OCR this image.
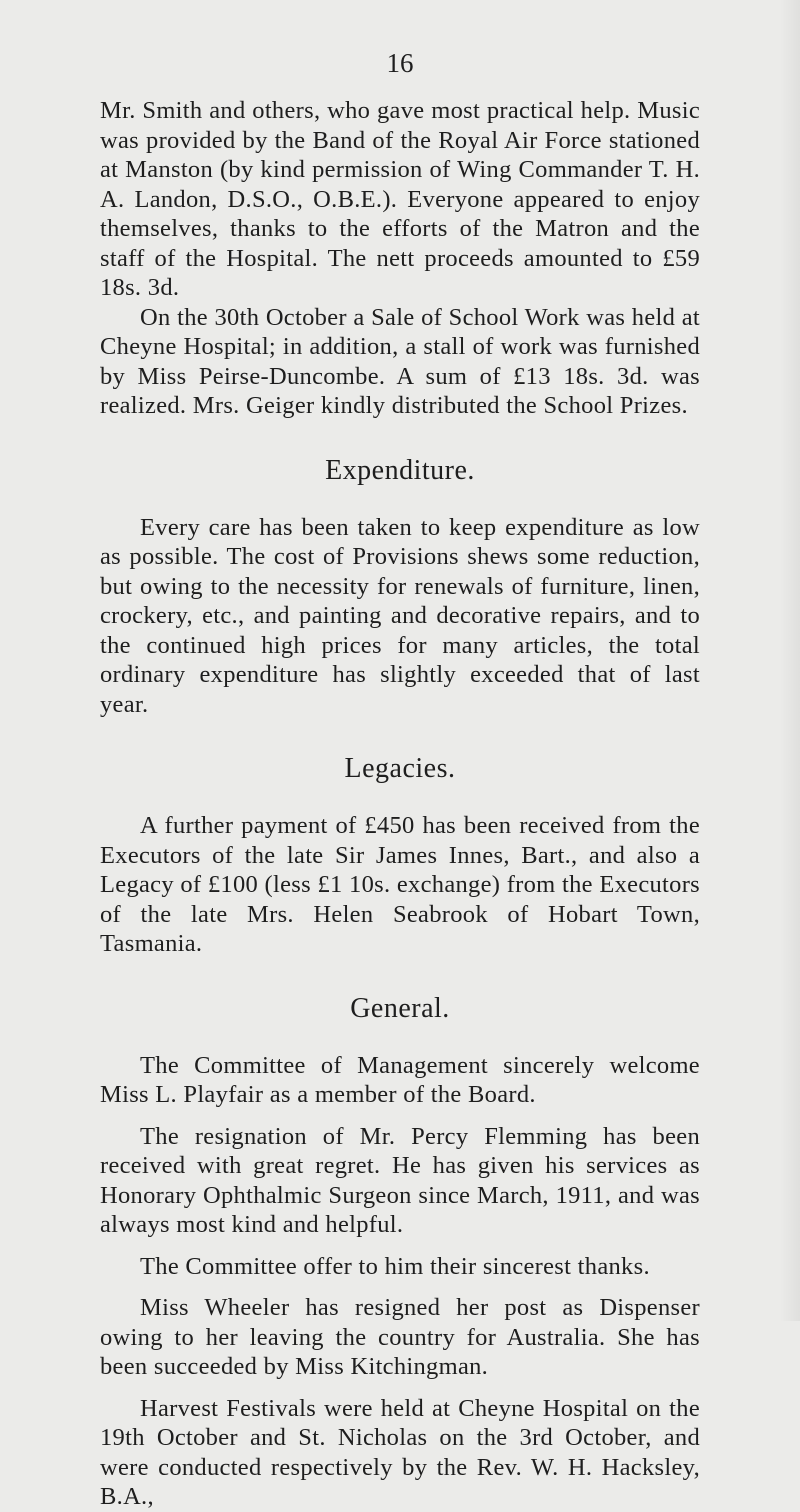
16

Mr. Smith and others, who gave most practical help. Music was provided by the Band of the Royal Air Force stationed at Manston (by kind permission of Wing Commander T. H. A. Landon, D.S.O., O.B.E.). Everyone appeared to enjoy themselves, thanks to the efforts of the Matron and the staff of the Hospital. The nett proceeds amounted to £59 18s. 3d.

On the 30th October a Sale of School Work was held at Cheyne Hospital; in addition, a stall of work was furnished by Miss Peirse-Duncombe. A sum of £13 18s. 3d. was realized. Mrs. Geiger kindly distributed the School Prizes.

Expenditure.

Every care has been taken to keep expenditure as low as possible. The cost of Provisions shews some reduction, but owing to the necessity for renewals of furniture, linen, crockery, etc., and painting and decorative repairs, and to the continued high prices for many articles, the total ordinary expenditure has slightly exceeded that of last year.

Legacies.

A further payment of £450 has been received from the Executors of the late Sir James Innes, Bart., and also a Legacy of £100 (less £1 10s. exchange) from the Executors of the late Mrs. Helen Seabrook of Hobart Town, Tasmania.

General.

The Committee of Management sincerely welcome Miss L. Playfair as a member of the Board.

The resignation of Mr. Percy Flemming has been received with great regret. He has given his services as Honorary Ophthalmic Surgeon since March, 1911, and was always most kind and helpful.

The Committee offer to him their sincerest thanks.

Miss Wheeler has resigned her post as Dispenser owing to her leaving the country for Australia. She has been succeeded by Miss Kitchingman.

Harvest Festivals were held at Cheyne Hospital on the 19th October and St. Nicholas on the 3rd October, and were conducted respectively by the Rev. W. H. Hacksley, B.A.,
